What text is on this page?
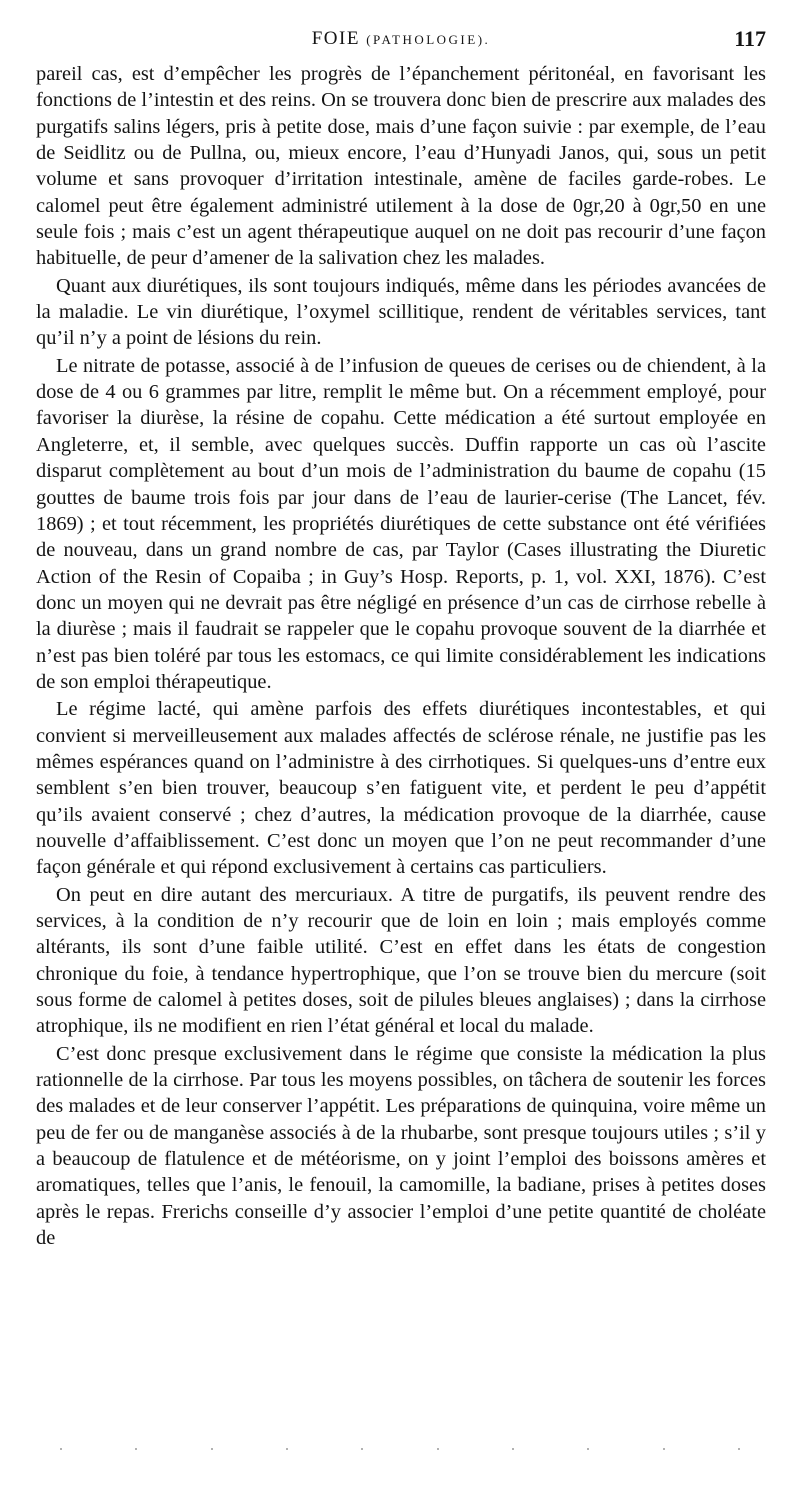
FOIE (PATHOLOGIE).	117

pareil cas, est d’empêcher les progrès de l’épanchement péritonéal, en favorisant les fonctions de l’intestin et des reins. On se trouvera donc bien de prescrire aux malades des purgatifs salins légers, pris à petite dose, mais d’une façon suivie : par exemple, de l’eau de Seidlitz ou de Pullna, ou, mieux encore, l’eau d’Hunyadi Janos, qui, sous un petit volume et sans provoquer d’irritation intestinale, amène de faciles garde-robes. Le calomel peut être également administré utilement à la dose de 0gr,20 à 0gr,50 en une seule fois ; mais c’est un agent thérapeutique auquel on ne doit pas recourir d’une façon habituelle, de peur d’amener de la salivation chez les malades.

Quant aux diurétiques, ils sont toujours indiqués, même dans les périodes avancées de la maladie. Le vin diurétique, l’oxymel scillitique, rendent de véritables services, tant qu’il n’y a point de lésions du rein.

Le nitrate de potasse, associé à de l’infusion de queues de cerises ou de chiendent, à la dose de 4 ou 6 grammes par litre, remplit le même but. On a récemment employé, pour favoriser la diurèse, la résine de copahu. Cette médication a été surtout employée en Angleterre, et, il semble, avec quelques succès. Duffin rapporte un cas où l’ascite disparut complètement au bout d’un mois de l’administration du baume de copahu (15 gouttes de baume trois fois par jour dans de l’eau de laurier-cerise (The Lancet, fév. 1869) ; et tout récemment, les propriétés diurétiques de cette substance ont été vérifiées de nouveau, dans un grand nombre de cas, par Taylor (Cases illustrating the Diuretic Action of the Resin of Copaiba ; in Guy’s Hosp. Reports, p. 1, vol. XXI, 1876). C’est donc un moyen qui ne devrait pas être négligé en présence d’un cas de cirrhose rebelle à la diurèse ; mais il faudrait se rappeler que le copahu provoque souvent de la diarrhée et n’est pas bien toléré par tous les estomacs, ce qui limite considérablement les indications de son emploi thérapeutique.

Le régime lacté, qui amène parfois des effets diurétiques incontestables, et qui convient si merveilleusement aux malades affectés de sclérose rénale, ne justifie pas les mêmes espérances quand on l’administre à des cirrhotiques. Si quelques-uns d’entre eux semblent s’en bien trouver, beaucoup s’en fatiguent vite, et perdent le peu d’appétit qu’ils avaient conservé ; chez d’autres, la médication provoque de la diarrhée, cause nouvelle d’affaiblissement. C’est donc un moyen que l’on ne peut recommander d’une façon générale et qui répond exclusivement à certains cas particuliers.

On peut en dire autant des mercuriaux. A titre de purgatifs, ils peuvent rendre des services, à la condition de n’y recourir que de loin en loin ; mais employés comme altérants, ils sont d’une faible utilité. C’est en effet dans les états de congestion chronique du foie, à tendance hypertrophique, que l’on se trouve bien du mercure (soit sous forme de calomel à petites doses, soit de pilules bleues anglaises) ; dans la cirrhose atrophique, ils ne modifient en rien l’état général et local du malade.

C’est donc presque exclusivement dans le régime que consiste la médication la plus rationnelle de la cirrhose. Par tous les moyens possibles, on tâchera de soutenir les forces des malades et de leur conserver l’appétit. Les préparations de quinquina, voire même un peu de fer ou de manganèse associés à de la rhubarbe, sont presque toujours utiles ; s’il y a beaucoup de flatulence et de météorisme, on y joint l’emploi des boissons amères et aromatiques, telles que l’anis, le fenouil, la camomille, la badiane, prises à petites doses après le repas. Frerichs conseille d’y associer l’emploi d’une petite quantité de choléate de
